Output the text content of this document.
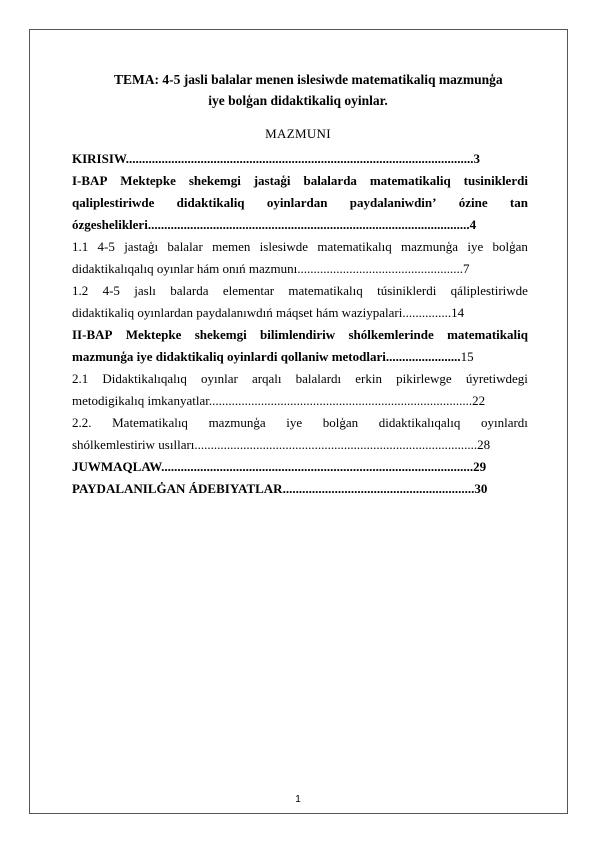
TEMA: 4-5 jasli balalar menen islesiwde matematikaliq mazmunģa
iye bolģan didaktikaliq oyinlar.
MAZMUNI
KIRISIW...........................................................................................................3
I-BAP Mektepke shekemgi jastaģi balalarda matematikaliq tusiniklerdi
qaliplestiriwde didaktikaliq oyinlardan paydalaniwdin’ ózine tan
ózgeshelikleri...................................................................................................4
1.1 4-5 jastaģı balalar memen islesiwde matematikalıq mazmunģa iye bolģan
didaktikalıqalıq oyınlar hám onıń mazmunı...................................................7
1.2 4-5 jaslı balarda elementar matematikalıq túsiniklerdi qáliplestiriwde
didaktikaliq oyınlardan paydalanıwdıń máqset hám waziypalari...............14
II-BAP Mektepke shekemgi bilimlendiriw shólkemlerinde matematikaliq
mazmunģa iye didaktikaliq oyinlardi qollaniw metodlari.......................15
2.1 Didaktikalıqalıq oyınlar arqalı balalardı erkin pikirlewge úyretiwdegi
metodigikalıq imkanyatlar.................................................................................22
2.2. Matematikalıq mazmunģa iye bolģan didaktikalıqalıq oyınlardı
shólkemlestiriw usılları.......................................................................................28
JUWMAQLAW................................................................................................29
PAYDALANILĠAN ÁDEBIYATLAR...........................................................30
1
